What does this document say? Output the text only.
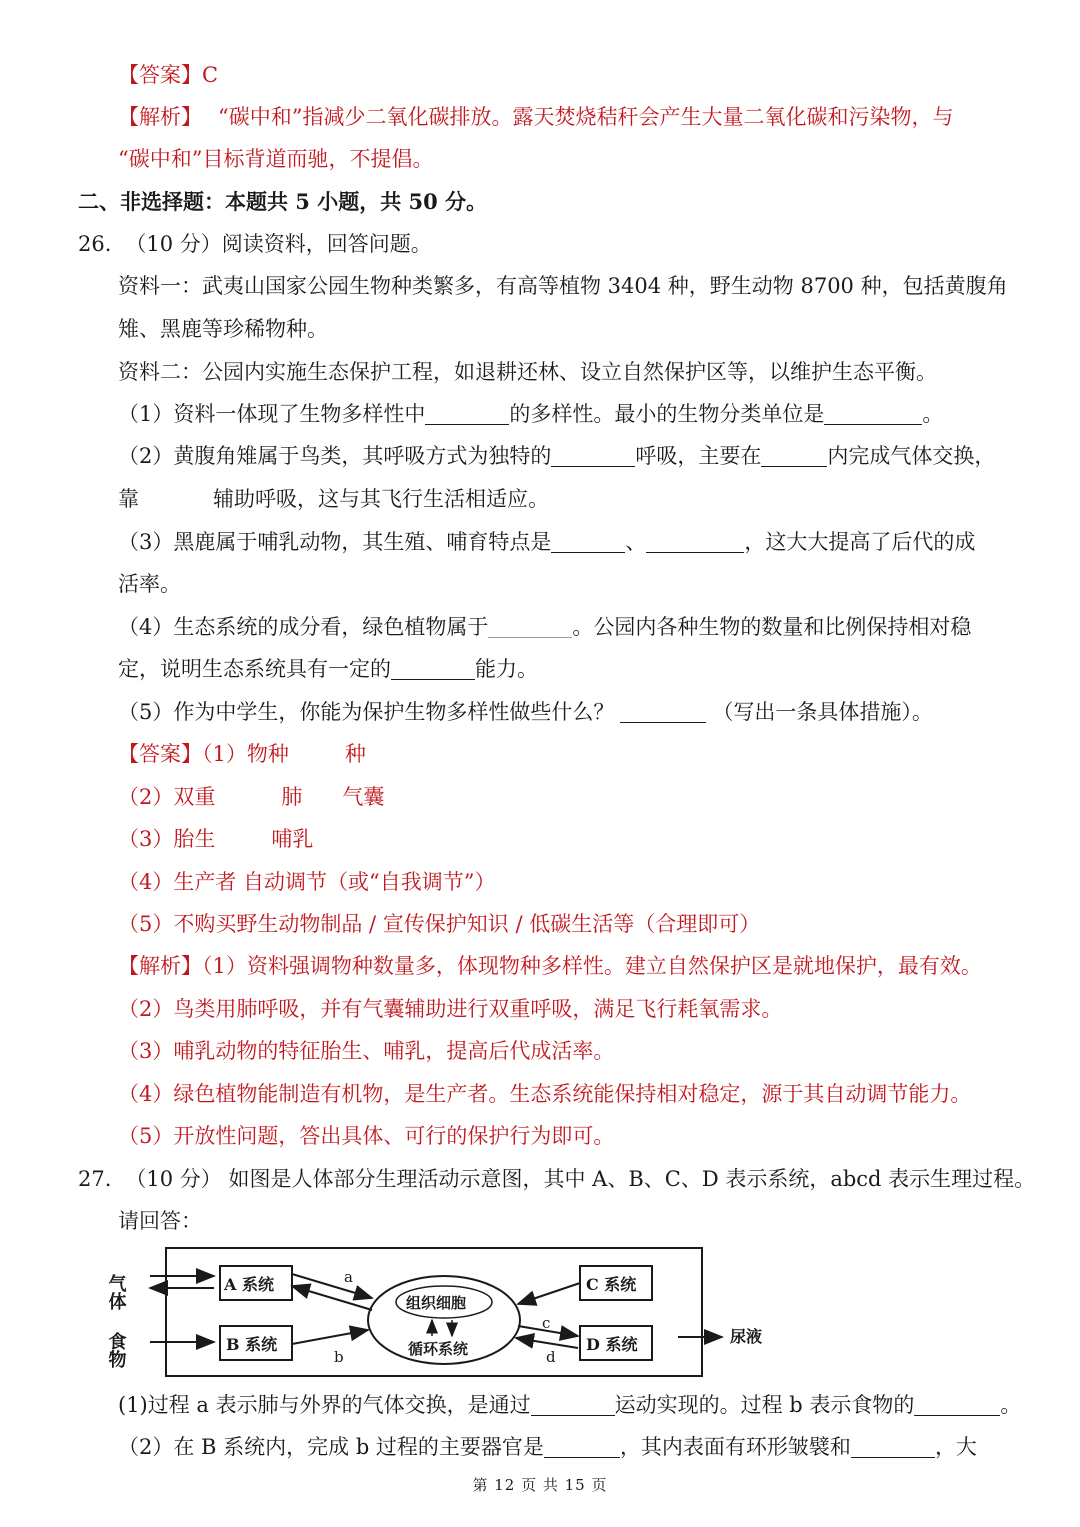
【答案】C
【解析】 “碳中和”指减少二氧化碳排放。露天焚烧秸秆会产生大量二氧化碳和污染物，与
“碳中和”目标背道而驰，不提倡。
二、非选择题：本题共 5 小题，共 50 分。
26. （10 分）阅读资料，回答问题。
资料一：武夷山国家公园生物种类繁多，有高等植物 3404 种，野生动物 8700 种，包括黄腹角
雉、黑鹿等珍稀物种。
资料二：公园内实施生态保护工程，如退耕还林、设立自然保护区等，以维护生态平衡。
（1）资料一体现了生物多样性中	的多样性。最小的生物分类单位是	。
（2）黄腹角雉属于鸟类，其呼吸方式为独特的	呼吸，主要在	内完成气体交换，
靠	辅助呼吸，这与其飞行生活相适应。
（3）黑鹿属于哺乳动物，其生殖、哺育特点是	、	，这大大提高了后代的成
活率。
（4）生态系统的成分看，绿色植物属于	。公园内各种生物的数量和比例保持相对稳
定，说明生态系统具有一定的	能力。
（5）作为中学生，你能为保护生物多样性做些什么？	（写出一条具体措施）。
【答案】（1）物种	种
（2）双重	肺 气囊
（3）胎生	哺乳
（4）生产者 自动调节（或“自我调节”）
（5）不购买野生动物制品 / 宣传保护知识 / 低碳生活等（合理即可）
【解析】（1）资料强调物种数量多，体现物种多样性。建立自然保护区是就地保护，最有效。
（2）鸟类用肺呼吸，并有气囊辅助进行双重呼吸，满足飞行耗氧需求。
（3）哺乳动物的特征胎生、哺乳，提高后代成活率。
（4）绿色植物能制造有机物，是生产者。生态系统能保持相对稳定，源于其自动调节能力。
（5）开放性问题，答出具体、可行的保护行为即可。
27. （10 分） 如图是人体部分生理活动示意图，其中 A、B、C、D 表示系统，abcd 表示生理过程。
请回答：
气体
食物
A 系统
B 系统
C 系统
D 系统
组织细胞
循环系统
a
b
c
d
尿液
(1)过程 a 表示肺与外界的气体交换，是通过	运动实现的。过程 b 表示食物的	。
（2）在 B 系统内，完成 b 过程的主要器官是	，其内表面有环形皱襞和	，大
第 12 页 共 15 页
